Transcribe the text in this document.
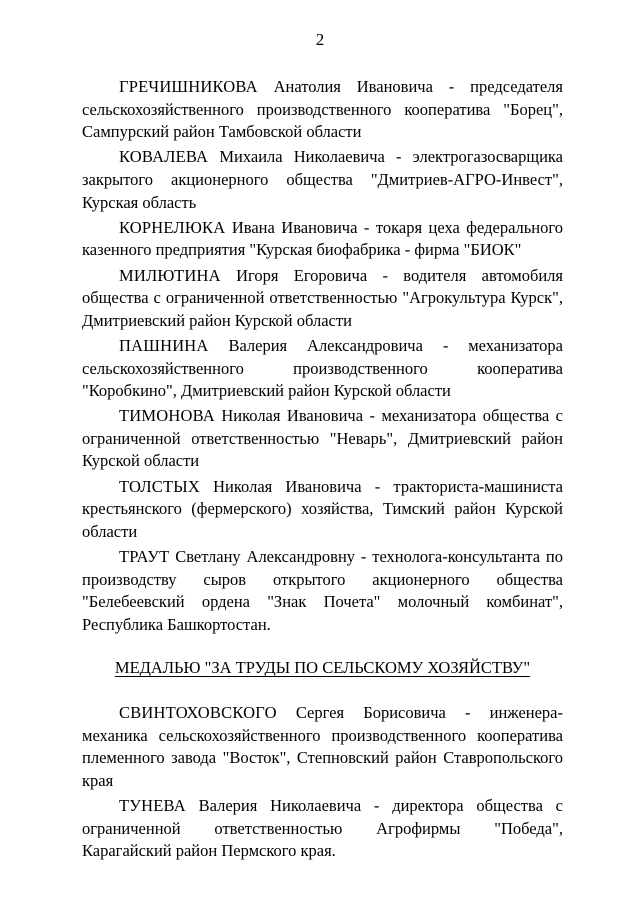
2

ГРЕЧИШНИКОВА Анатолия Ивановича - председателя сельскохозяйственного производственного кооператива "Борец", Сампурский район Тамбовской области

КОВАЛЕВА Михаила Николаевича - электрогазосварщика закрытого акционерного общества "Дмитриев-АГРО-Инвест", Курская область

КОРНЕЛЮКА Ивана Ивановича - токаря цеха федерального казенного предприятия "Курская биофабрика - фирма "БИОК"

МИЛЮТИНА Игоря Егоровича - водителя автомобиля общества с ограниченной ответственностью "Агрокультура Курск", Дмитриевский район Курской области

ПАШНИНА Валерия Александровича - механизатора сельскохозяйственного производственного кооператива "Коробкино", Дмитриевский район Курской области

ТИМОНОВА Николая Ивановича - механизатора общества с ограниченной ответственностью "Неварь", Дмитриевский район Курской области

ТОЛСТЫХ Николая Ивановича - тракториста-машиниста крестьянского (фермерского) хозяйства, Тимский район Курской области

ТРАУТ Светлану Александровну - технолога-консультанта по производству сыров открытого акционерного общества "Белебеевский ордена "Знак Почета" молочный комбинат", Республика Башкортостан.

МЕДАЛЬЮ "ЗА ТРУДЫ ПО СЕЛЬСКОМУ ХОЗЯЙСТВУ"

СВИНТОХОВСКОГО Сергея Борисовича - инженера-механика сельскохозяйственного производственного кооператива племенного завода "Восток", Степновский район Ставропольского края

ТУНЕВА Валерия Николаевича - директора общества с ограниченной ответственностью Агрофирмы "Победа", Карагайский район Пермского края.
